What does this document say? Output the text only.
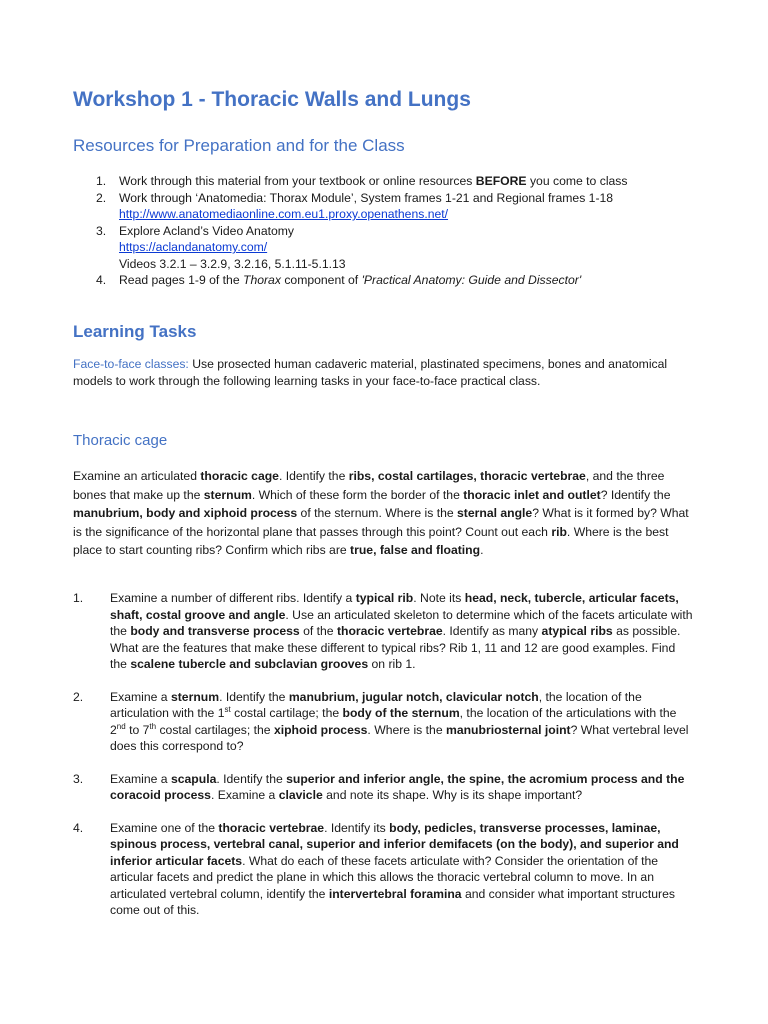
Workshop 1 - Thoracic Walls and Lungs
Resources for Preparation and for the Class
1. Work through this material from your textbook or online resources BEFORE you come to class
2. Work through ‘Anatomedia: Thorax Module’, System frames 1-21 and Regional frames 1-18
http://www.anatomediaonline.com.eu1.proxy.openathens.net/
3. Explore Acland’s Video Anatomy
https://aclandanatomy.com/
Videos 3.2.1 – 3.2.9, 3.2.16, 5.1.11-5.1.13
4. Read pages 1-9 of the Thorax component of 'Practical Anatomy: Guide and Dissector'
Learning Tasks
Face-to-face classes: Use prosected human cadaveric material, plastinated specimens, bones and anatomical models to work through the following learning tasks in your face-to-face practical class.
Thoracic cage
Examine an articulated thoracic cage. Identify the ribs, costal cartilages, thoracic vertebrae, and the three bones that make up the sternum. Which of these form the border of the thoracic inlet and outlet? Identify the manubrium, body and xiphoid process of the sternum. Where is the sternal angle? What is it formed by? What is the significance of the horizontal plane that passes through this point? Count out each rib. Where is the best place to start counting ribs? Confirm which ribs are true, false and floating.
1. Examine a number of different ribs. Identify a typical rib. Note its head, neck, tubercle, articular facets, shaft, costal groove and angle. Use an articulated skeleton to determine which of the facets articulate with the body and transverse process of the thoracic vertebrae. Identify as many atypical ribs as possible. What are the features that make these different to typical ribs? Rib 1, 11 and 12 are good examples. Find the scalene tubercle and subclavian grooves on rib 1.
2. Examine a sternum. Identify the manubrium, jugular notch, clavicular notch, the location of the articulation with the 1st costal cartilage; the body of the sternum, the location of the articulations with the 2nd to 7th costal cartilages; the xiphoid process. Where is the manubriosternal joint? What vertebral level does this correspond to?
3. Examine a scapula. Identify the superior and inferior angle, the spine, the acromium process and the coracoid process. Examine a clavicle and note its shape. Why is its shape important?
4. Examine one of the thoracic vertebrae. Identify its body, pedicles, transverse processes, laminae, spinous process, vertebral canal, superior and inferior demifacets (on the body), and superior and inferior articular facets. What do each of these facets articulate with? Consider the orientation of the articular facets and predict the plane in which this allows the thoracic vertebral column to move. In an articulated vertebral column, identify the intervertebral foramina and consider what important structures come out of this.
